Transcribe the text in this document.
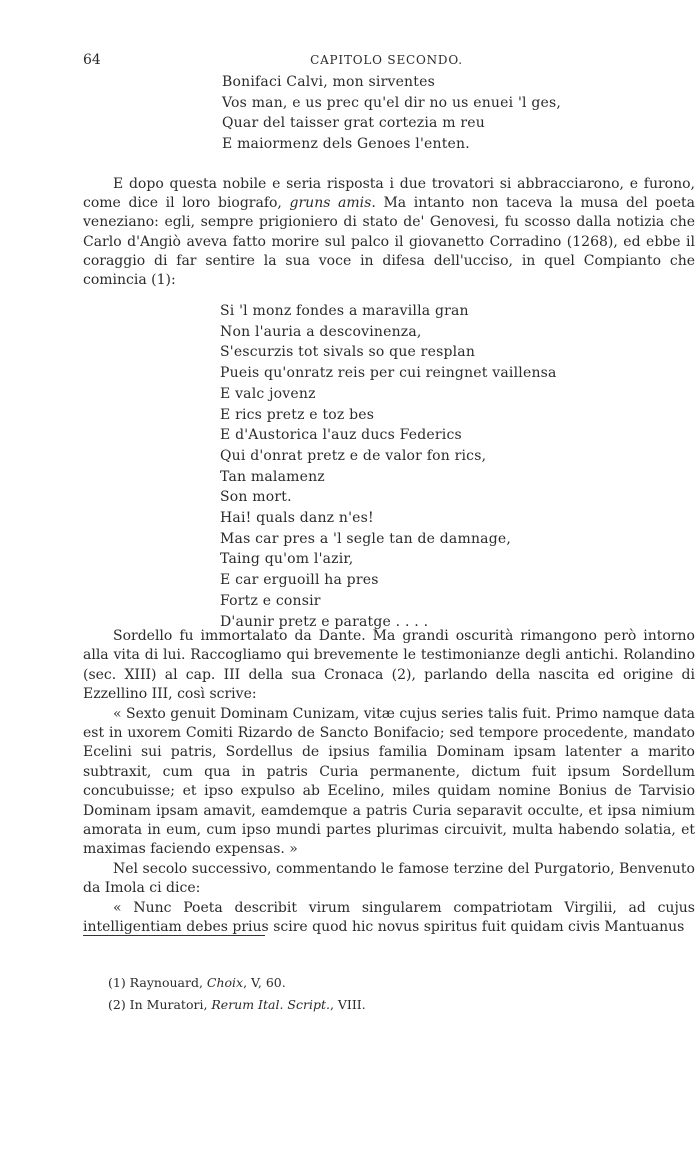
64	CAPITOLO SECONDO.
Bonifaci Calvi, mon sirventes
Vos man, e us prec qu'el dir no us enuei 'l ges,
Quar del taisser grat cortezia m reu
E maiormenz dels Genoes l'enten.

E dopo questa nobile e seria risposta i due trovatori si abbracciarono, e furono, come dice il loro biografo, gruns amis. Ma intanto non taceva la musa del poeta veneziano: egli, sempre prigioniero di stato de' Genovesi, fu scosso dalla notizia che Carlo d'Angiò aveva fatto morire sul palco il giovanetto Corradino (1268), ed ebbe il coraggio di far sentire la sua voce in difesa dell'ucciso, in quel Compianto che comincia (1):

Si 'l monz fondes a maravilla gran
Non l'auria a descovinenza,
S'escurzis tot sivals so que resplan
Pueis qu'onratz reis per cui reingnet vaillensa
E valc jovenz
E rics pretz e toz bes
E d'Austorica l'auz ducs Federics
Qui d'onrat pretz e de valor fon rics,
Tan malamenz
Son mort.
Hai! quals danz n'es!
Mas car pres a 'l segle tan de damnage,
Taing qu'om l'azir,
E car erguoill ha pres
Fortz e consir
D'aunir pretz e paratge . . . .

Sordello fu immortalato da Dante. Ma grandi oscurità rimangono però intorno alla vita di lui. Raccogliamo qui brevemente le testimonianze degli antichi. Rolandino (sec. XIII) al cap. III della sua Cronaca (2), parlando della nascita ed origine di Ezzellino III, così scrive:

« Sexto genuit Dominam Cunizam, vitæ cujus series talis fuit. Primo namque data est in uxorem Comiti Rizardo de Sancto Bonifacio; sed tempore procedente, mandato Ecelini sui patris, Sordellus de ipsius familia Dominam ipsam latenter a marito subtraxit, cum qua in patris Curia permanente, dictum fuit ipsum Sordellum concubuisse; et ipso expulso ab Ecelino, miles quidam nomine Bonius de Tarvisio Dominam ipsam amavit, eamdemque a patris Curia separavit occulte, et ipsa nimium amorata in eum, cum ipso mundi partes plurimas circuivit, multa habendo solatia, et maximas faciendo expensas. »

Nel secolo successivo, commentando le famose terzine del Purgatorio, Benvenuto da Imola ci dice:

« Nunc Poeta describit virum singularem compatriotam Virgilii, ad cujus intelligentiam debes prius scire quod hic novus spiritus fuit quidam civis Mantuanus

(1) Raynouard, Choix, V, 60.
(2) In Muratori, Rerum Ital. Script., VIII.
